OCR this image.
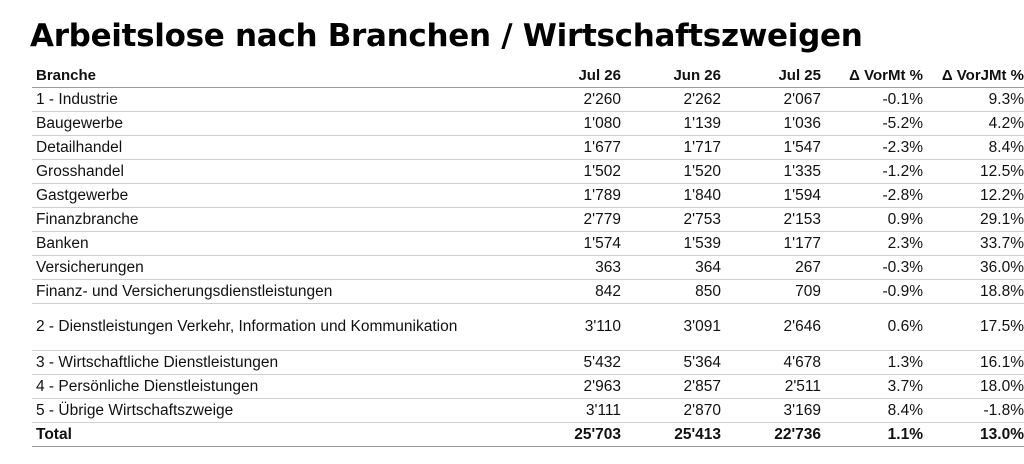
Arbeitslose nach Branchen / Wirtschaftszweigen
Branche	Jul 26	Jun 26	Jul 25	Δ VorMt %	Δ VorJMt %
1 - Industrie	2'260	2'262	2'067	-0.1%	9.3%
Baugewerbe	1'080	1'139	1'036	-5.2%	4.2%
Detailhandel	1'677	1'717	1'547	-2.3%	8.4%
Grosshandel	1'502	1'520	1'335	-1.2%	12.5%
Gastgewerbe	1'789	1'840	1'594	-2.8%	12.2%
Finanzbranche	2'779	2'753	2'153	0.9%	29.1%
Banken	1'574	1'539	1'177	2.3%	33.7%
Versicherungen	363	364	267	-0.3%	36.0%
Finanz- und Versicherungsdienstleistungen	842	850	709	-0.9%	18.8%
2 - Dienstleistungen Verkehr, Information und Kommunikation	3'110	3'091	2'646	0.6%	17.5%
3 - Wirtschaftliche Dienstleistungen	5'432	5'364	4'678	1.3%	16.1%
4 - Persönliche Dienstleistungen	2'963	2'857	2'511	3.7%	18.0%
5 - Übrige Wirtschaftszweige	3'111	2'870	3'169	8.4%	-1.8%
Total	25'703	25'413	22'736	1.1%	13.0%
